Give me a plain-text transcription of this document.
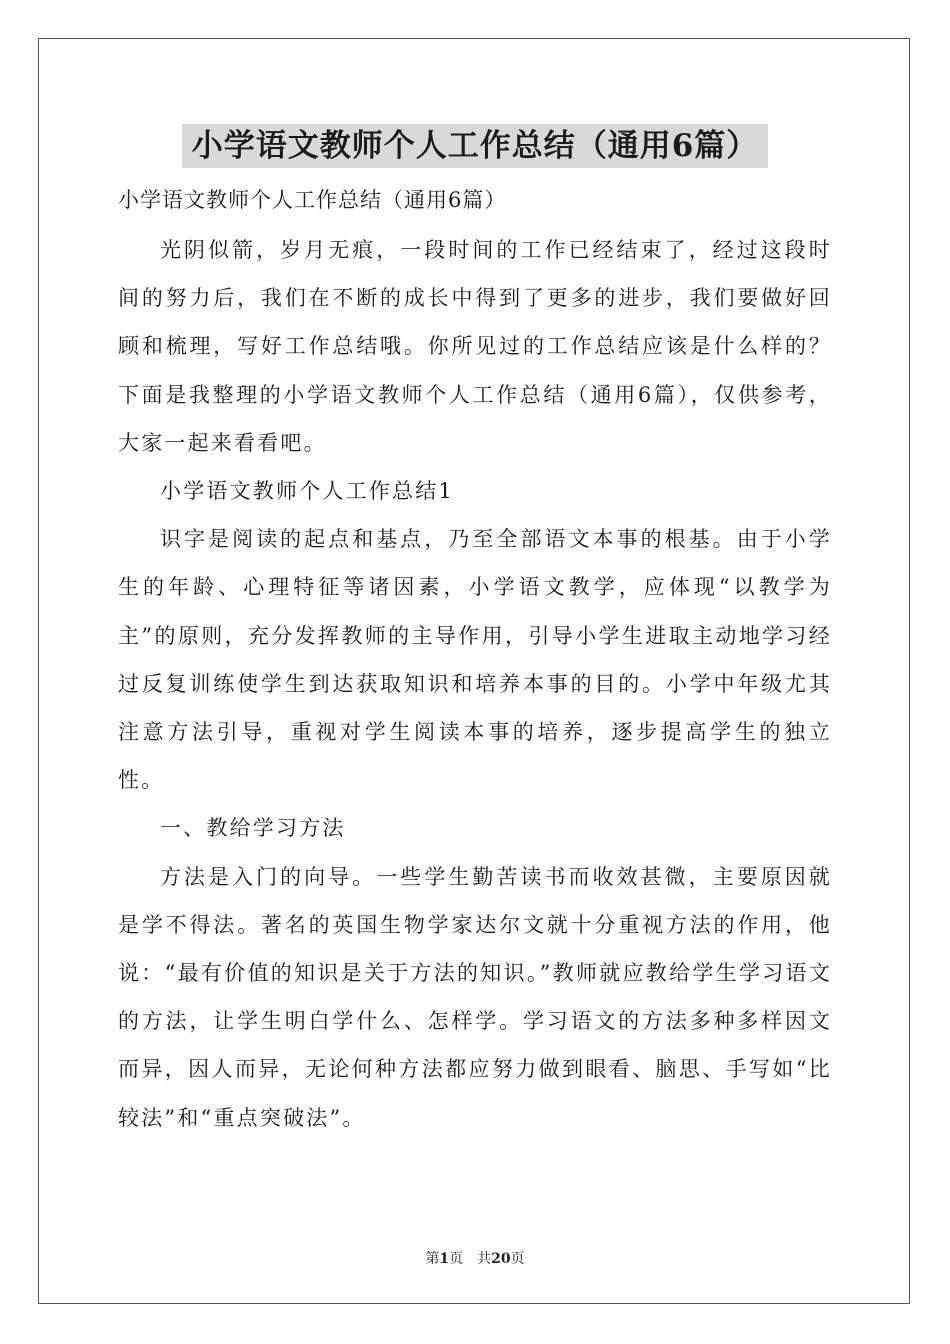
小学语文教师个人工作总结（通用6篇）

小学语文教师个人工作总结（通用6篇）

光阴似箭，岁月无痕，一段时间的工作已经结束了，经过这段时间的努力后，我们在不断的成长中得到了更多的进步，我们要做好回顾和梳理，写好工作总结哦。你所见过的工作总结应该是什么样的？下面是我整理的小学语文教师个人工作总结（通用6篇），仅供参考，大家一起来看看吧。

小学语文教师个人工作总结1

识字是阅读的起点和基点，乃至全部语文本事的根基。由于小学生的年龄、心理特征等诸因素，小学语文教学，应体现“以教学为主”的原则，充分发挥教师的主导作用，引导小学生进取主动地学习经过反复训练使学生到达获取知识和培养本事的目的。小学中年级尤其注意方法引导，重视对学生阅读本事的培养，逐步提高学生的独立性。

一、教给学习方法

方法是入门的向导。一些学生勤苦读书而收效甚微，主要原因就是学不得法。著名的英国生物学家达尔文就十分重视方法的作用，他说：“最有价值的知识是关于方法的知识。”教师就应教给学生学习语文的方法，让学生明白学什么、怎样学。学习语文的方法多种多样因文而异，因人而异，无论何种方法都应努力做到眼看、脑思、手写如“比较法”和“重点突破法”。

第1页　共20页
